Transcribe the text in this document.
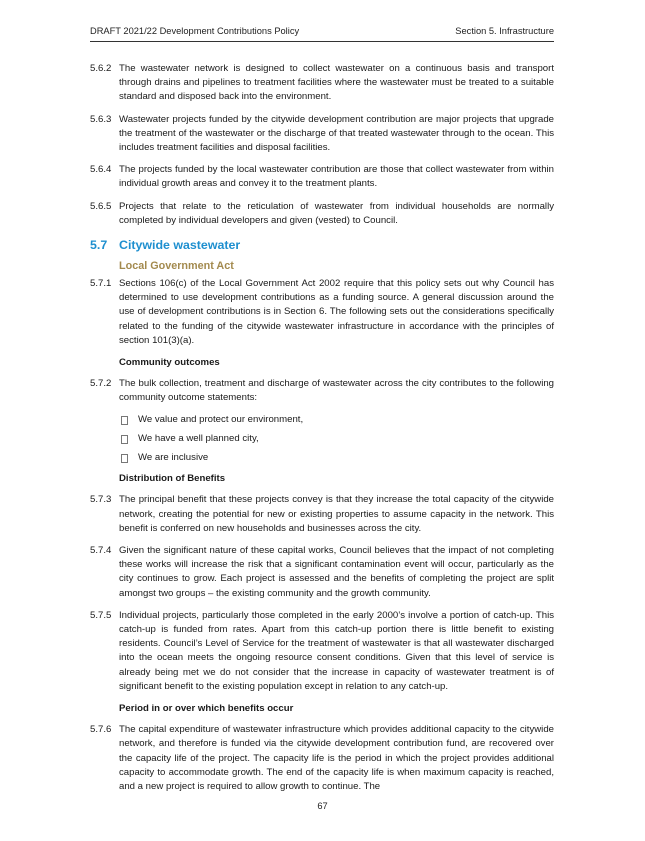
DRAFT 2021/22 Development Contributions Policy	Section 5. Infrastructure
5.6.2 The wastewater network is designed to collect wastewater on a continuous basis and transport through drains and pipelines to treatment facilities where the wastewater must be treated to a suitable standard and disposed back into the environment.
5.6.3 Wastewater projects funded by the citywide development contribution are major projects that upgrade the treatment of the wastewater or the discharge of that treated wastewater through to the ocean. This includes treatment facilities and disposal facilities.
5.6.4 The projects funded by the local wastewater contribution are those that collect wastewater from within individual growth areas and convey it to the treatment plants.
5.6.5 Projects that relate to the reticulation of wastewater from individual households are normally completed by individual developers and given (vested) to Council.
5.7 Citywide wastewater
Local Government Act
5.7.1 Sections 106(c) of the Local Government Act 2002 require that this policy sets out why Council has determined to use development contributions as a funding source. A general discussion around the use of development contributions is in Section 6. The following sets out the considerations specifically related to the funding of the citywide wastewater infrastructure in accordance with the principles of section 101(3)(a).
Community outcomes
5.7.2 The bulk collection, treatment and discharge of wastewater across the city contributes to the following community outcome statements:
We value and protect our environment,
We have a well planned city,
We are inclusive
Distribution of Benefits
5.7.3 The principal benefit that these projects convey is that they increase the total capacity of the citywide network, creating the potential for new or existing properties to assume capacity in the network. This benefit is conferred on new households and businesses across the city.
5.7.4 Given the significant nature of these capital works, Council believes that the impact of not completing these works will increase the risk that a significant contamination event will occur, particularly as the city continues to grow. Each project is assessed and the benefits of completing the project are split amongst two groups – the existing community and the growth community.
5.7.5 Individual projects, particularly those completed in the early 2000’s involve a portion of catch-up. This catch-up is funded from rates. Apart from this catch-up portion there is little benefit to existing residents. Council’s Level of Service for the treatment of wastewater is that all wastewater discharged into the ocean meets the ongoing resource consent conditions. Given that this level of service is already being met we do not consider that the increase in capacity of wastewater treatment is of significant benefit to the existing population except in relation to any catch-up.
Period in or over which benefits occur
5.7.6 The capital expenditure of wastewater infrastructure which provides additional capacity to the citywide network, and therefore is funded via the citywide development contribution fund, are recovered over the capacity life of the project. The capacity life is the period in which the project provides additional capacity to accommodate growth. The end of the capacity life is when maximum capacity is reached, and a new project is required to allow growth to continue. The
67
